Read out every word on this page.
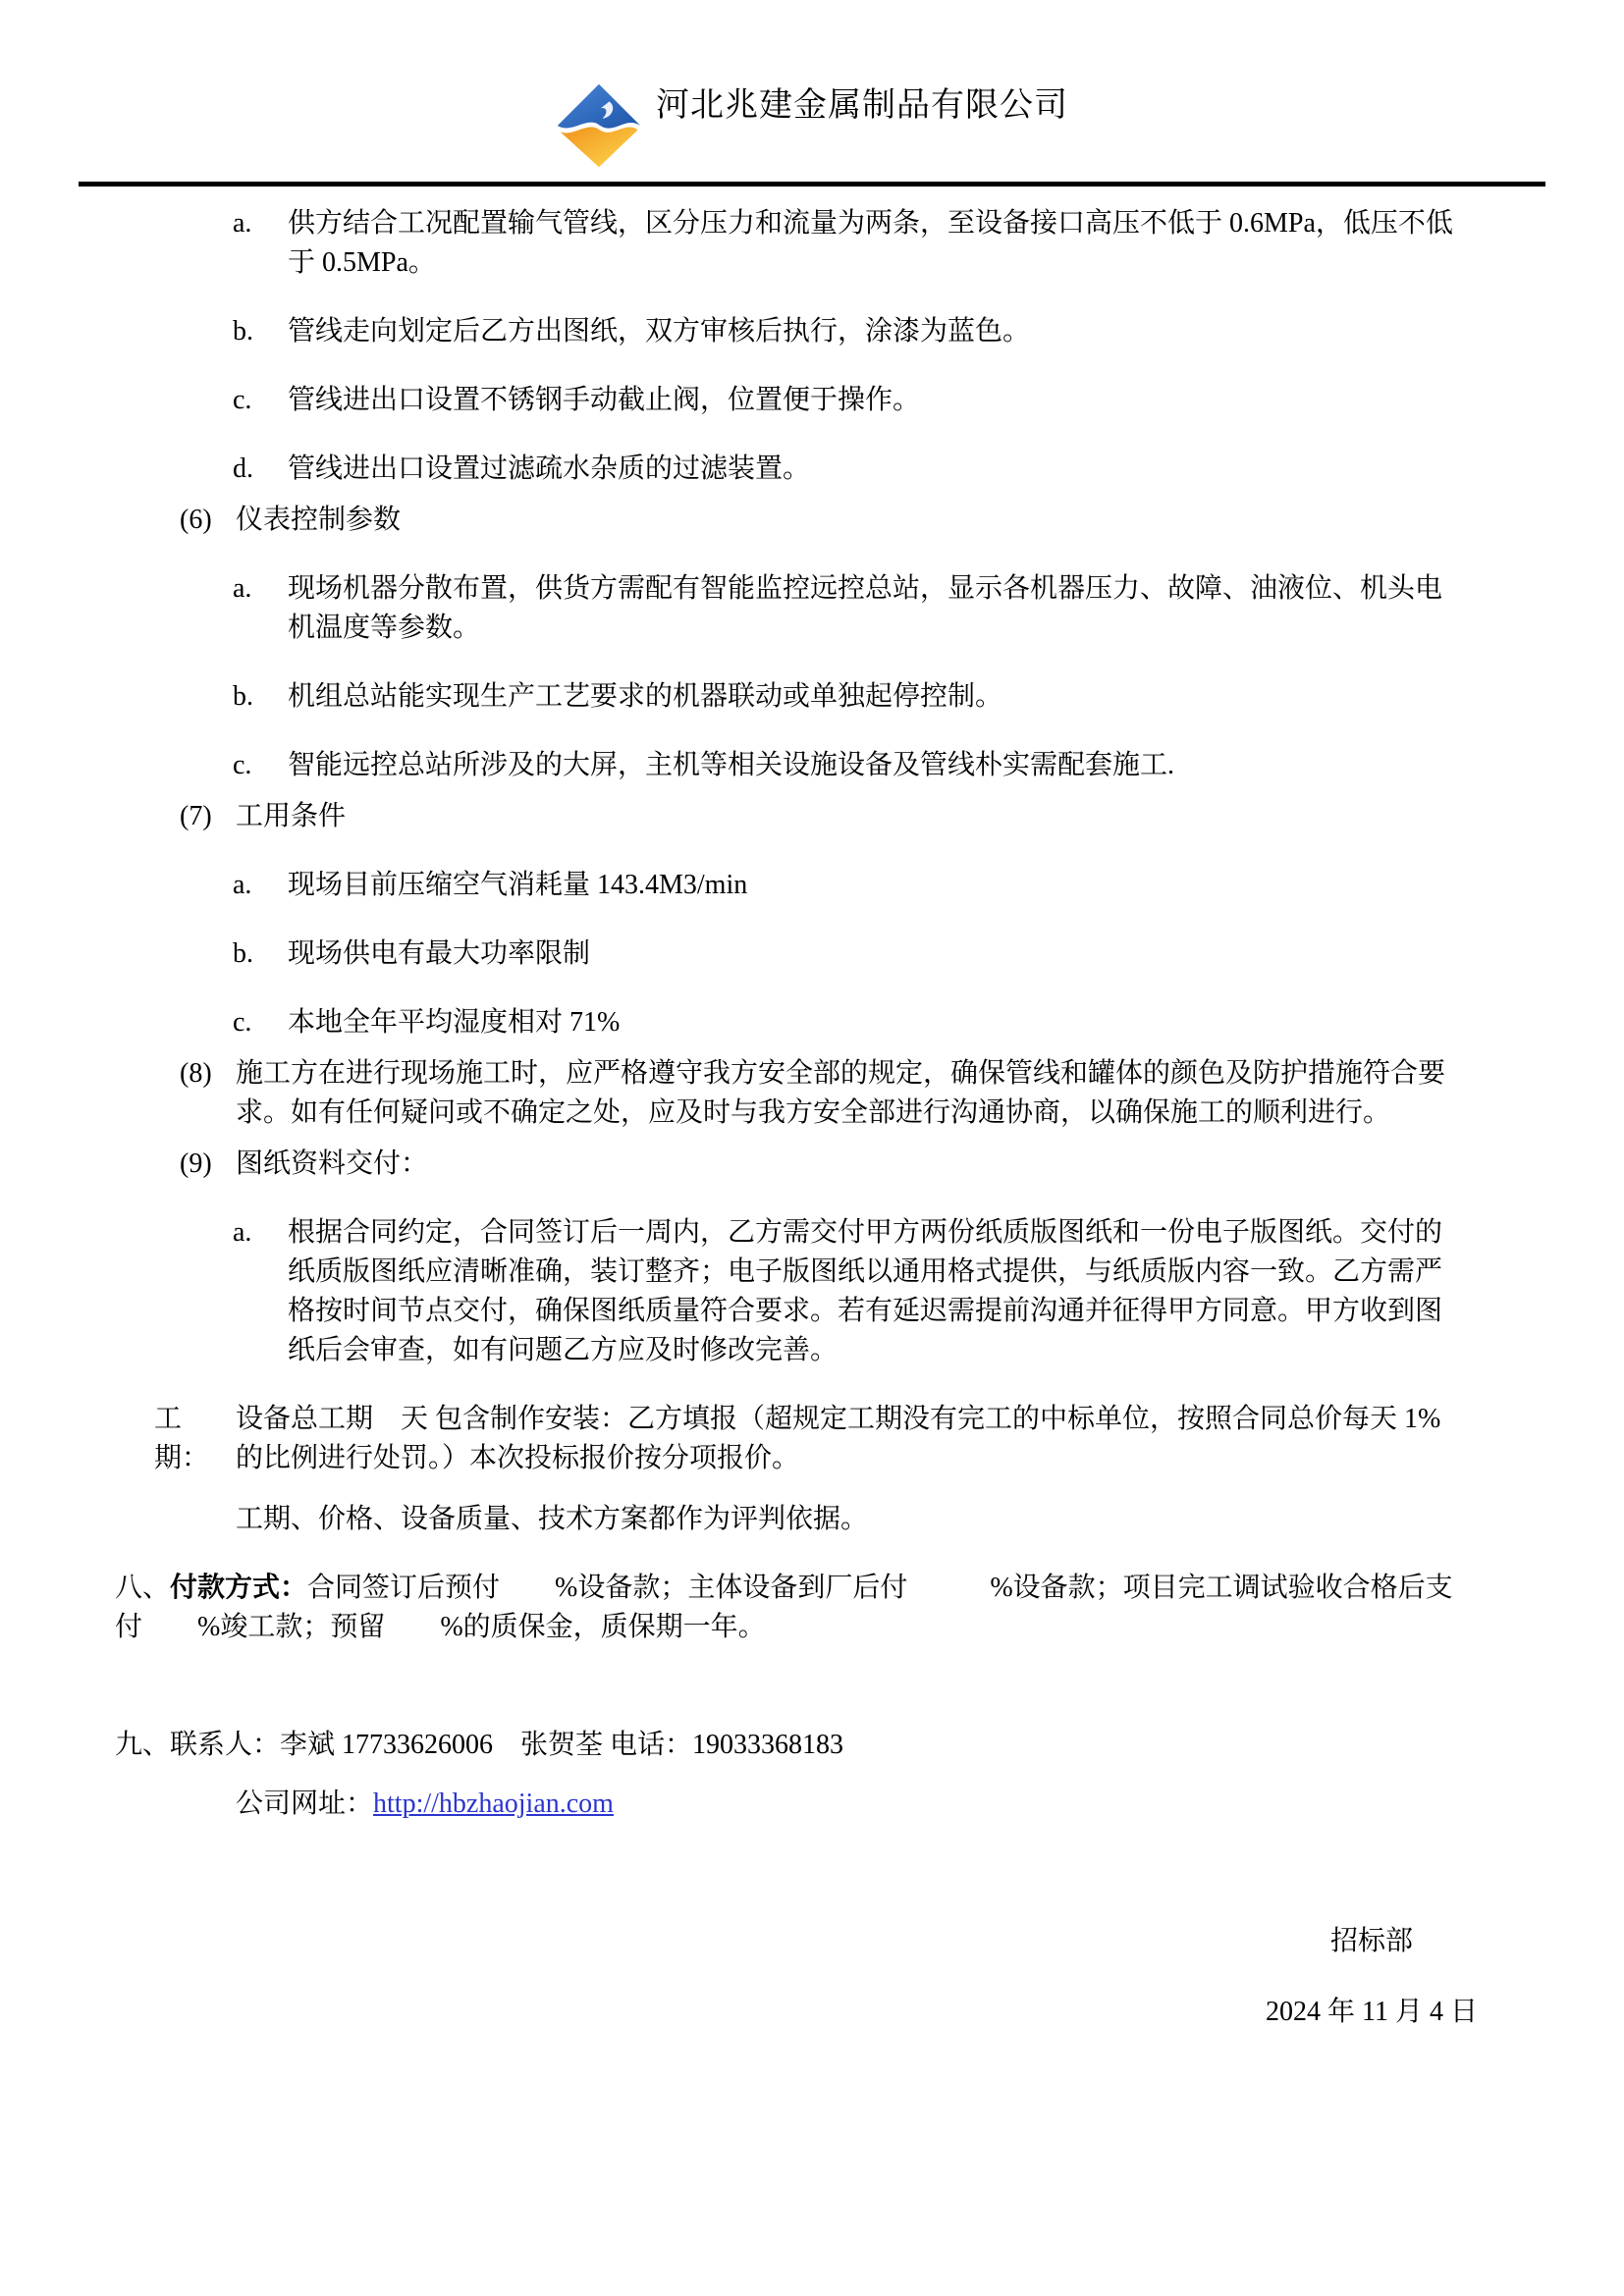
河北兆建金属制品有限公司
a.	供方结合工况配置输气管线，区分压力和流量为两条，至设备接口高压不低于 0.6MPa，低压不低
于 0.5MPa。
b.	管线走向划定后乙方出图纸，双方审核后执行，涂漆为蓝色。
c.	管线进出口设置不锈钢手动截止阀，位置便于操作。
d.	管线进出口设置过滤疏水杂质的过滤装置。
(6) 仪表控制参数
a.	现场机器分散布置，供货方需配有智能监控远控总站，显示各机器压力、故障、油液位、机头电
机温度等参数。
b.	机组总站能实现生产工艺要求的机器联动或单独起停控制。
c.	智能远控总站所涉及的大屏，主机等相关设施设备及管线朴实需配套施工.
(7) 工用条件
a.	现场目前压缩空气消耗量 143.4M3/min
b.	现场供电有最大功率限制
c.	本地全年平均湿度相对 71%
(8) 施工方在进行现场施工时，应严格遵守我方安全部的规定，确保管线和罐体的颜色及防护措施符合要
求。如有任何疑问或不确定之处，应及时与我方安全部进行沟通协商，以确保施工的顺利进行。
(9) 图纸资料交付：
a.	根据合同约定，合同签订后一周内，乙方需交付甲方两份纸质版图纸和一份电子版图纸。交付的
纸质版图纸应清晰准确，装订整齐；电子版图纸以通用格式提供，与纸质版内容一致。乙方需严
格按时间节点交付，确保图纸质量符合要求。若有延迟需提前沟通并征得甲方同意。甲方收到图
纸后会审查，如有问题乙方应及时修改完善。
工期：
设备总工期　天 包含制作安装：乙方填报（超规定工期没有完工的中标单位，按照合同总价每天 1%
的比例进行处罚。）本次投标报价按分项报价。
工期、价格、设备质量、技术方案都作为评判依据。
八、付款方式：合同签订后预付　　%设备款；主体设备到厂后付　　　%设备款；项目完工调试验收合格后支
付　　%竣工款；预留　　%的质保金，质保期一年。
九、联系人：李斌 17733626006　张贺荃 电话：19033368183
公司网址：http://hbzhaojian.com
招标部
2024 年 11 月 4 日
